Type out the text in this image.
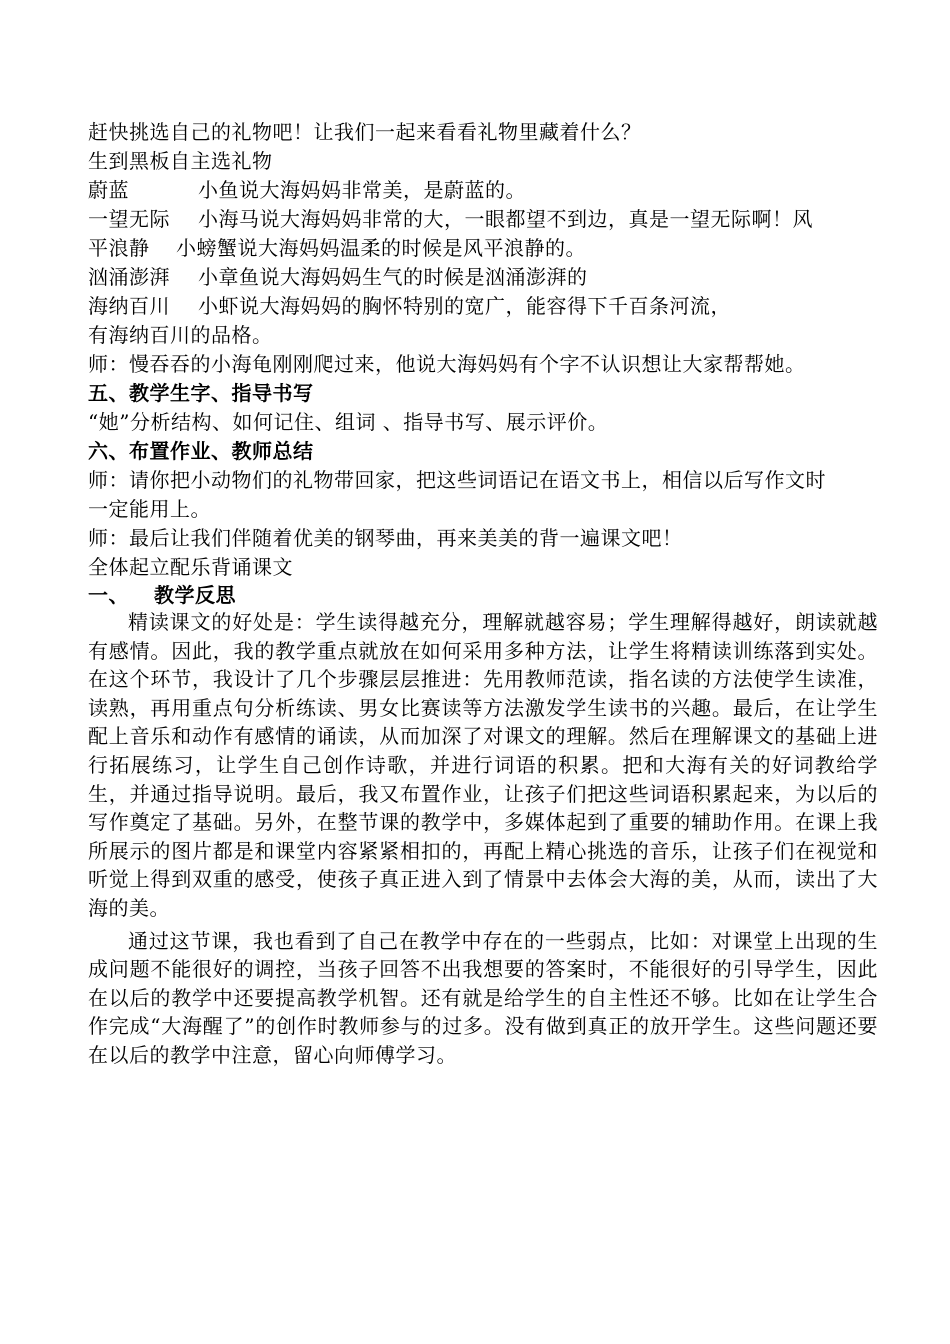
赶快挑选自己的礼物吧！让我们一起来看看礼物里藏着什么？
生到黑板自主选礼物
蔚蓝	小鱼说大海妈妈非常美，是蔚蓝的。
一望无际 小海马说大海妈妈非常的大，一眼都望不到边，真是一望无际啊！风
平浪静 小螃蟹说大海妈妈温柔的时候是风平浪静的。
汹涌澎湃 小章鱼说大海妈妈生气的时候是汹涌澎湃的
海纳百川 小虾说大海妈妈的胸怀特别的宽广，能容得下千百条河流，
有海纳百川的品格。
师：慢吞吞的小海龟刚刚爬过来，他说大海妈妈有个字不认识想让大家帮帮她。
五、教学生字、指导书写
“她”分析结构、如何记住、组词 、指导书写、展示评价。
六、布置作业、教师总结
师：请你把小动物们的礼物带回家，把这些词语记在语文书上，相信以后写作文时
一定能用上。
师：最后让我们伴随着优美的钢琴曲，再来美美的背一遍课文吧！
全体起立配乐背诵课文
一、 教学反思

精读课文的好处是：学生读得越充分，理解就越容易；学生理解得越好，朗读就越有感情。因此，我的教学重点就放在如何采用多种方法，让学生将精读训练落到实处。在这个环节，我设计了几个步骤层层推进：先用教师范读，指名读的方法使学生读准，读熟，再用重点句分析练读、男女比赛读等方法激发学生读书的兴趣。最后，在让学生配上音乐和动作有感情的诵读，从而加深了对课文的理解。然后在理解课文的基础上进行拓展练习，让学生自己创作诗歌，并进行词语的积累。把和大海有关的好词教给学生，并通过指导说明。最后，我又布置作业，让孩子们把这些词语积累起来，为以后的写作奠定了基础。另外，在整节课的教学中，多媒体起到了重要的辅助作用。在课上我所展示的图片都是和课堂内容紧紧相扣的，再配上精心挑选的音乐，让孩子们在视觉和听觉上得到双重的感受，使孩子真正进入到了情景中去体会大海的美，从而，读出了大海的美。

通过这节课，我也看到了自己在教学中存在的一些弱点，比如：对课堂上出现的生成问题不能很好的调控，当孩子回答不出我想要的答案时，不能很好的引导学生，因此在以后的教学中还要提高教学机智。还有就是给学生的自主性还不够。比如在让学生合作完成“大海醒了”的创作时教师参与的过多。没有做到真正的放开学生。这些问题还要在以后的教学中注意，留心向师傅学习。
